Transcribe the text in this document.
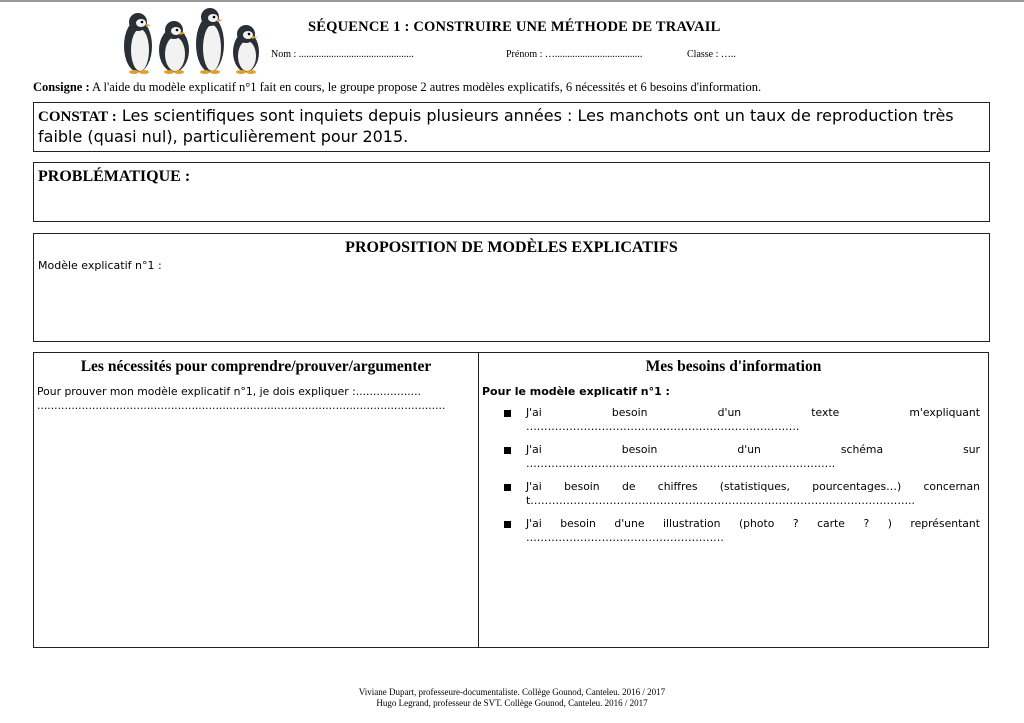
SÉQUENCE 1 : CONSTRUIRE UNE MÉTHODE DE TRAVAIL
Nom : ..............................................	Prénom : …...................................	Classe : …..
Consigne : A l'aide du modèle explicatif n°1 fait en cours, le groupe propose 2 autres modèles explicatifs, 6 nécessités et 6 besoins d'information.
CONSTAT : Les scientifiques sont inquiets depuis plusieurs années : Les manchots ont un taux de reproduction très faible (quasi nul), particulièrement pour 2015.
PROBLÉMATIQUE :
PROPOSITION DE MODÈLES EXPLICATIFS
Modèle explicatif n°1 :
Les nécessités pour comprendre/prouver/argumenter
Pour prouver mon modèle explicatif n°1, je dois expliquer :................... .......................................................................................................................
Mes besoins d'information
Pour le modèle explicatif n°1 :
J'ai besoin d'un texte m'expliquant ………………………………………………………………….
J'ai besoin d'un schéma sur …………………………………………………………………………..
J'ai besoin de chiffres (statistiques, pourcentages…) concernant……………………………………………………………………………………………..
J'ai besoin d'une illustration (photo ? carte ? ) représentant ……………………………………………….
Viviane Dupart, professeure-documentaliste. Collège Gounod, Canteleu. 2016 / 2017
Hugo Legrand, professeur de SVT. Collège Gounod, Canteleu. 2016 / 2017
